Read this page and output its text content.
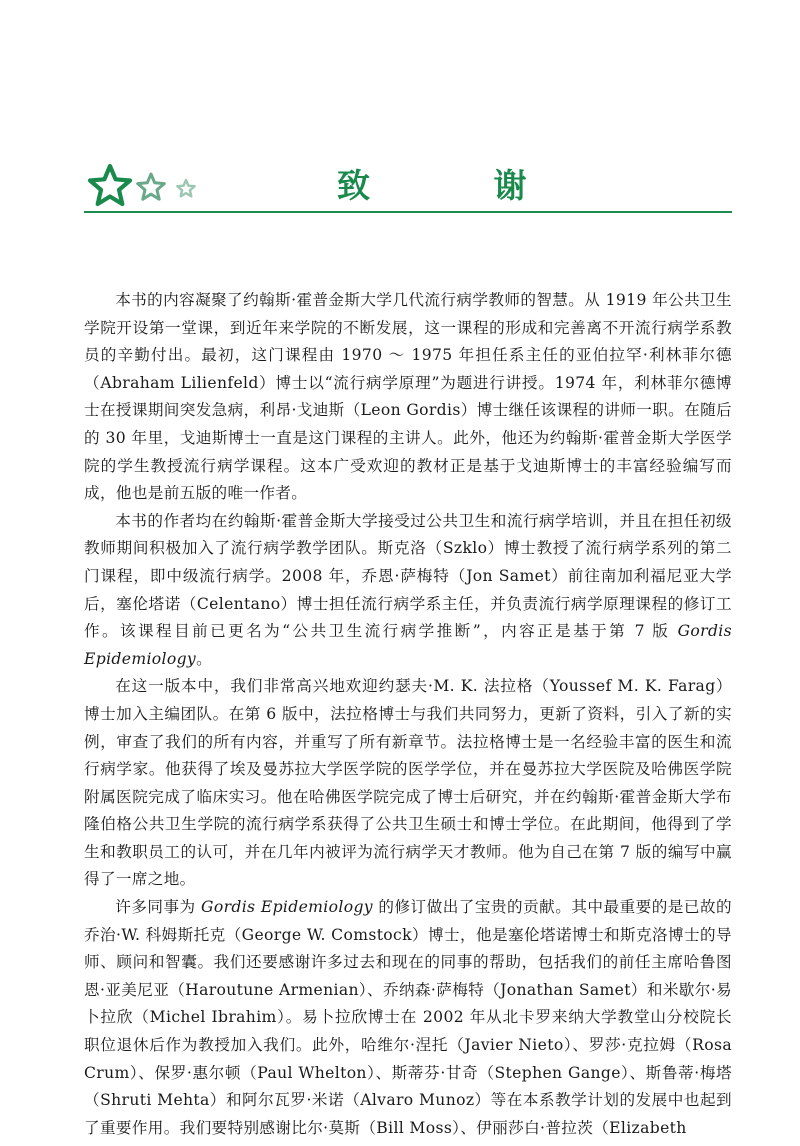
致 谢

本书的内容凝聚了约翰斯·霍普金斯大学几代流行病学教师的智慧。从 1919 年公共卫生学院开设第一堂课，到近年来学院的不断发展，这一课程的形成和完善离不开流行病学系教员的辛勤付出。最初，这门课程由 1970 ～ 1975 年担任系主任的亚伯拉罕·利林菲尔德（Abraham Lilienfeld）博士以“流行病学原理”为题进行讲授。1974 年，利林菲尔德博士在授课期间突发急病，利昂·戈迪斯（Leon Gordis）博士继任该课程的讲师一职。在随后的 30 年里，戈迪斯博士一直是这门课程的主讲人。此外，他还为约翰斯·霍普金斯大学医学院的学生教授流行病学课程。这本广受欢迎的教材正是基于戈迪斯博士的丰富经验编写而成，他也是前五版的唯一作者。

本书的作者均在约翰斯·霍普金斯大学接受过公共卫生和流行病学培训，并且在担任初级教师期间积极加入了流行病学教学团队。斯克洛（Szklo）博士教授了流行病学系列的第二门课程，即中级流行病学。2008 年，乔恩·萨梅特（Jon Samet）前往南加利福尼亚大学后，塞伦塔诺（Celentano）博士担任流行病学系主任，并负责流行病学原理课程的修订工作。该课程目前已更名为“公共卫生流行病学推断”，内容正是基于第 7 版 Gordis Epidemiology。

在这一版本中，我们非常高兴地欢迎约瑟夫·M. K. 法拉格（Youssef M. K. Farag）博士加入主编团队。在第 6 版中，法拉格博士与我们共同努力，更新了资料，引入了新的实例，审查了我们的所有内容，并重写了所有新章节。法拉格博士是一名经验丰富的医生和流行病学家。他获得了埃及曼苏拉大学医学院的医学学位，并在曼苏拉大学医院及哈佛医学院附属医院完成了临床实习。他在哈佛医学院完成了博士后研究，并在约翰斯·霍普金斯大学布隆伯格公共卫生学院的流行病学系获得了公共卫生硕士和博士学位。在此期间，他得到了学生和教职员工的认可，并在几年内被评为流行病学天才教师。他为自己在第 7 版的编写中赢得了一席之地。

许多同事为 Gordis Epidemiology 的修订做出了宝贵的贡献。其中最重要的是已故的乔治·W. 科姆斯托克（George W. Comstock）博士，他是塞伦塔诺博士和斯克洛博士的导师、顾问和智囊。我们还要感谢许多过去和现在的同事的帮助，包括我们的前任主席哈鲁图恩·亚美尼亚（Haroutune Armenian）、乔纳森·萨梅特（Jonathan Samet）和米歇尔·易卜拉欣（Michel Ibrahim）。易卜拉欣博士在 2002 年从北卡罗来纳大学教堂山分校院长职位退休后作为教授加入我们。此外，哈维尔·涅托（Javier Nieto）、罗莎·克拉姆（Rosa Crum）、保罗·惠尔顿（Paul Whelton）、斯蒂芬·甘奇（Stephen Gange）、斯鲁蒂·梅塔（Shruti Mehta）和阿尔瓦罗·米诺（Alvaro Munoz）等在本系教学计划的发展中也起到了重要作用。我们要特别感谢比尔·莫斯（Bill Moss）、伊丽莎白·普拉茨（Elizabeth
